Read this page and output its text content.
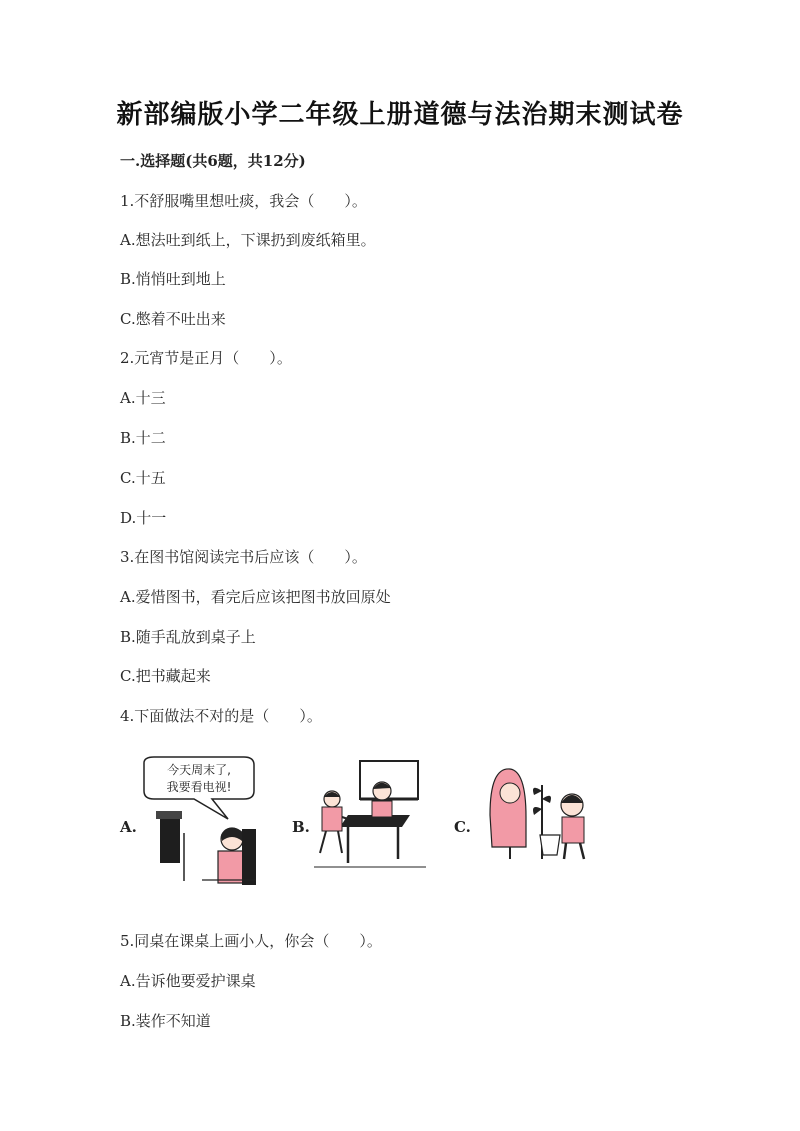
新部编版小学二年级上册道德与法治期末测试卷
一.选择题(共6题，共12分)
1.不舒服嘴里想吐痰，我会（　　）。
A.想法吐到纸上，下课扔到废纸箱里。
B.悄悄吐到地上
C.憋着不吐出来
2.元宵节是正月（　　）。
A.十三
B.十二
C.十五
D.十一
3.在图书馆阅读完书后应该（　　）。
A.爱惜图书，看完后应该把图书放回原处
B.随手乱放到桌子上
C.把书藏起来
4.下面做法不对的是（　　）。
A.
今天周末了,
我要看电视!
B.	C.
5.同桌在课桌上画小人，你会（　　）。
A.告诉他要爱护课桌
B.装作不知道
